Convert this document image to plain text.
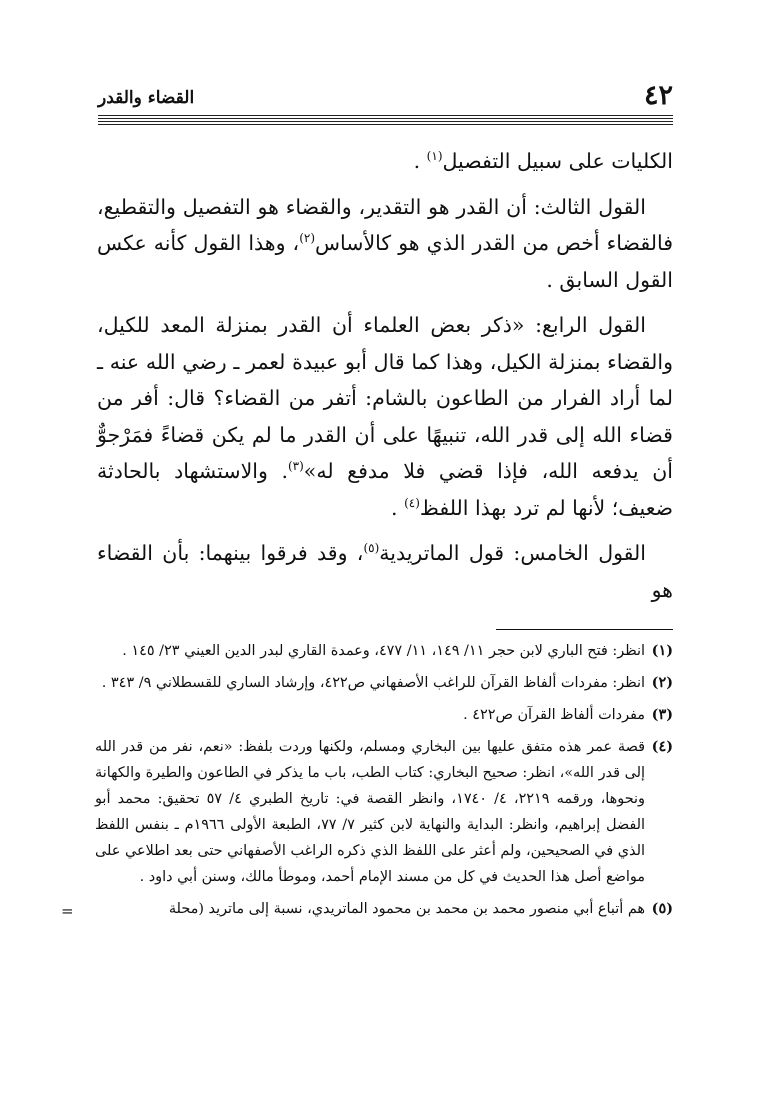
٤٢
القضاء والقدر

الكليات على سبيل التفصيل$^{(١)}$ .

القول الثالث: أن القدر هو التقدير، والقضاء هو التفصيل والتقطيع، فالقضاء أخص من القدر الذي هو كالأساس$^{(٢)}$، وهذا القول كأنه عكس القول السابق .

القول الرابع: «ذكر بعض العلماء أن القدر بمنزلة المعد للكيل، والقضاء بمنزلة الكيل، وهذا كما قال أبو عبيدة لعمر ـ رضي الله عنه ـ لما أراد الفرار من الطاعون بالشام: أتفر من القضاء؟ قال: أفر من قضاء الله إلى قدر الله، تنبيهًا على أن القدر ما لم يكن قضاءً فمَرْجوٌّ أن يدفعه الله، فإذا قضي فلا مدفع له»$^{(٣)}$. والاستشهاد بالحادثة ضعيف؛ لأنها لم ترد بهذا اللفظ$^{(٤)}$ .

القول الخامس: قول الماتريدية$^{(٥)}$، وقد فرقوا بينهما: بأن القضاء هو

(١)
انظر: فتح الباري لابن حجر ١١/ ١٤٩، ١١/ ٤٧٧، وعمدة القاري لبدر الدين العيني ٢٣/ ١٤٥ .

(٢)
انظر: مفردات ألفاظ القرآن للراغب الأصفهاني ص٤٢٢، وإرشاد الساري للقسطلاني ٩/ ٣٤٣ .

(٣)
مفردات ألفاظ القرآن ص٤٢٢ .

(٤)
قصة عمر هذه متفق عليها بين البخاري ومسلم، ولكنها وردت بلفظ: «نعم، نفر من قدر الله إلى قدر الله»، انظر: صحيح البخاري: كتاب الطب، باب ما يذكر في الطاعون والطيرة والكهانة ونحوها، ورقمه ٢٢١٩، ٤/ ١٧٤٠، وانظر القصة في: تاريخ الطبري ٤/ ٥٧ تحقيق: محمد أبو الفضل إبراهيم، وانظر: البداية والنهاية لابن كثير ٧/ ٧٧، الطبعة الأولى ١٩٦٦م ـ بنفس اللفظ الذي في الصحيحين، ولم أعثر على اللفظ الذي ذكره الراغب الأصفهاني حتى بعد اطلاعي على مواضع أصل هذا الحديث في كل من مسند الإمام أحمد، وموطأ مالك، وسنن أبي داود .

(٥)
هم أتباع أبي منصور محمد بن محمد بن محمود الماتريدي، نسبة إلى ماتريد (محلة
=
